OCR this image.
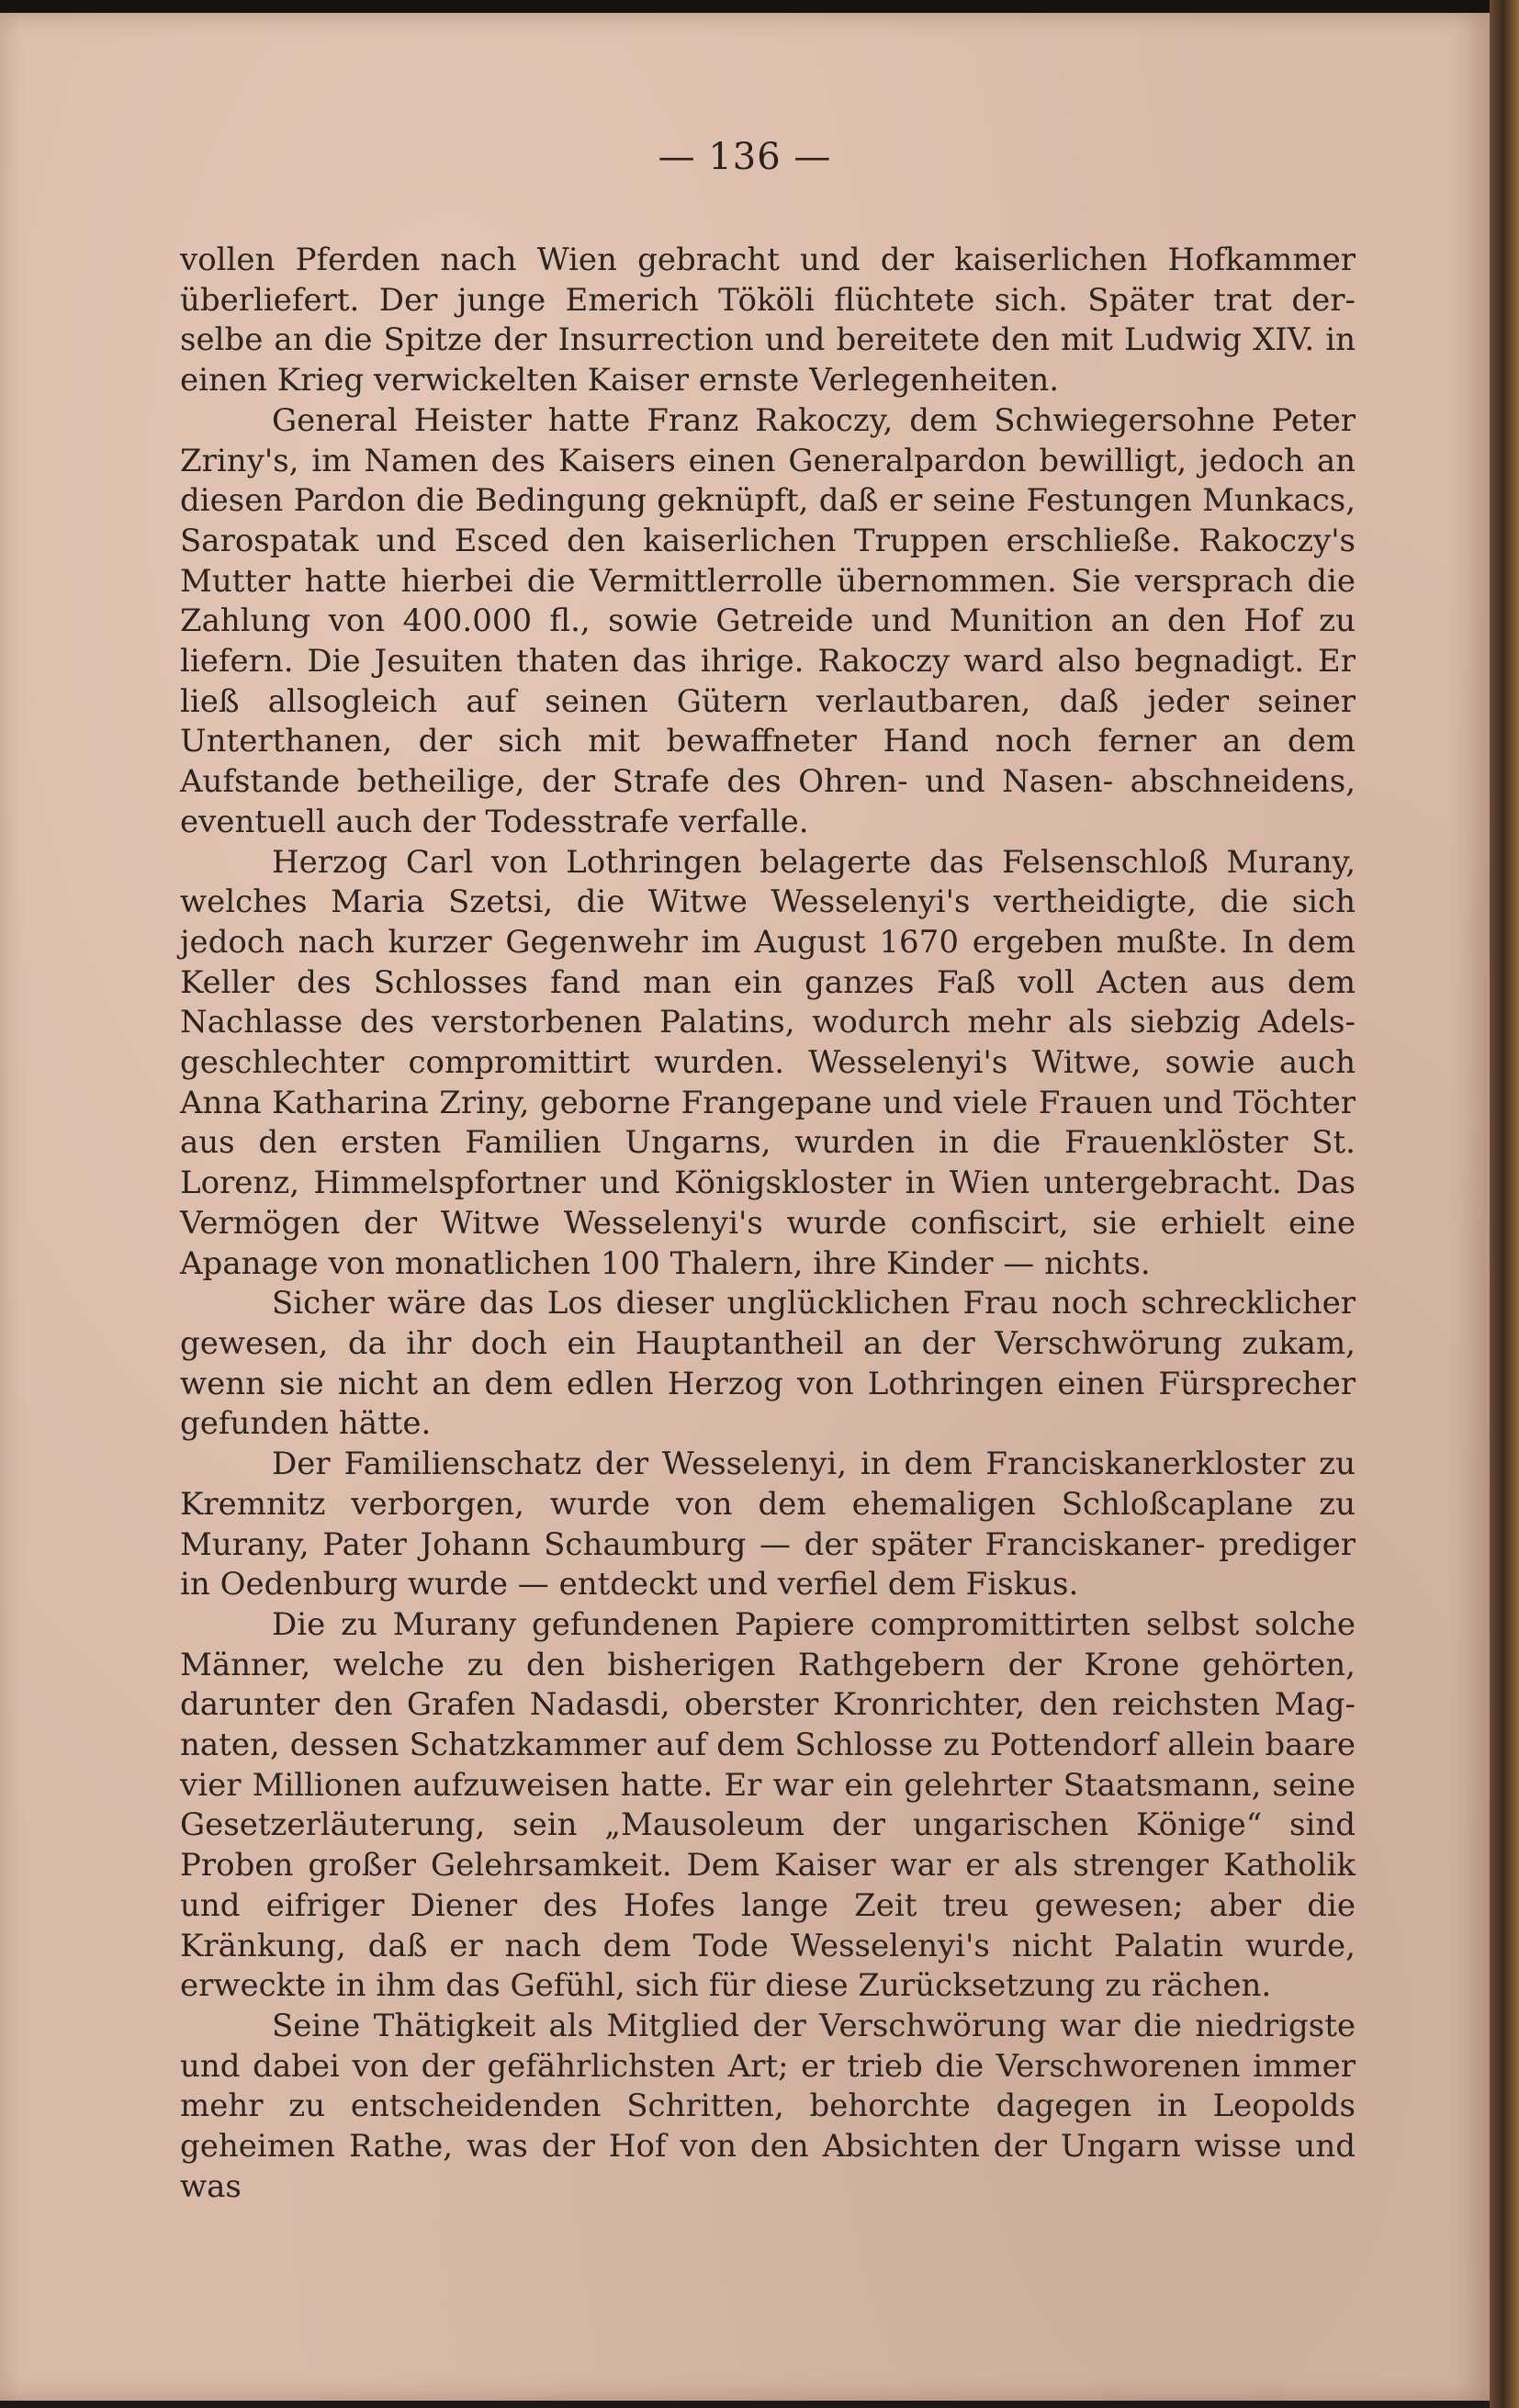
— 136 —

vollen Pferden nach Wien gebracht und der kaiserlichen Hofkammer überliefert. Der junge Emerich Tököli flüchtete sich. Später trat der- selbe an die Spitze der Insurrection und bereitete den mit Ludwig XIV. in einen Krieg verwickelten Kaiser ernste Verlegenheiten.

General Heister hatte Franz Rakoczy, dem Schwiegersohne Peter Zriny's, im Namen des Kaisers einen Generalpardon bewilligt, jedoch an diesen Pardon die Bedingung geknüpft, daß er seine Festungen Munkacs, Sarospatak und Esced den kaiserlichen Truppen erschließe. Rakoczy's Mutter hatte hierbei die Vermittlerrolle übernommen. Sie versprach die Zahlung von 400.000 fl., sowie Getreide und Munition an den Hof zu liefern. Die Jesuiten thaten das ihrige. Rakoczy ward also begnadigt. Er ließ allsogleich auf seinen Gütern verlautbaren, daß jeder seiner Unterthanen, der sich mit bewaffneter Hand noch ferner an dem Aufstande betheilige, der Strafe des Ohren- und Nasen- abschneidens, eventuell auch der Todesstrafe verfalle.

Herzog Carl von Lothringen belagerte das Felsenschloß Murany, welches Maria Szetsi, die Witwe Wesselenyi's vertheidigte, die sich jedoch nach kurzer Gegenwehr im August 1670 ergeben mußte. In dem Keller des Schlosses fand man ein ganzes Faß voll Acten aus dem Nachlasse des verstorbenen Palatins, wodurch mehr als siebzig Adels- geschlechter compromittirt wurden. Wesselenyi's Witwe, sowie auch Anna Katharina Zriny, geborne Frangepane und viele Frauen und Töchter aus den ersten Familien Ungarns, wurden in die Frauenklöster St. Lorenz, Himmelspfortner und Königskloster in Wien untergebracht. Das Vermögen der Witwe Wesselenyi's wurde confiscirt, sie erhielt eine Apanage von monatlichen 100 Thalern, ihre Kinder — nichts.

Sicher wäre das Los dieser unglücklichen Frau noch schrecklicher gewesen, da ihr doch ein Hauptantheil an der Verschwörung zukam, wenn sie nicht an dem edlen Herzog von Lothringen einen Fürsprecher gefunden hätte.

Der Familienschatz der Wesselenyi, in dem Franciskanerkloster zu Kremnitz verborgen, wurde von dem ehemaligen Schloßcaplane zu Murany, Pater Johann Schaumburg — der später Franciskaner- prediger in Oedenburg wurde — entdeckt und verfiel dem Fiskus.

Die zu Murany gefundenen Papiere compromittirten selbst solche Männer, welche zu den bisherigen Rathgebern der Krone gehörten, darunter den Grafen Nadasdi, oberster Kronrichter, den reichsten Mag- naten, dessen Schatzkammer auf dem Schlosse zu Pottendorf allein baare vier Millionen aufzuweisen hatte. Er war ein gelehrter Staatsmann, seine Gesetzerläuterung, sein „Mausoleum der ungarischen Könige“ sind Proben großer Gelehrsamkeit. Dem Kaiser war er als strenger Katholik und eifriger Diener des Hofes lange Zeit treu gewesen; aber die Kränkung, daß er nach dem Tode Wesselenyi's nicht Palatin wurde, erweckte in ihm das Gefühl, sich für diese Zurücksetzung zu rächen.

Seine Thätigkeit als Mitglied der Verschwörung war die niedrigste und dabei von der gefährlichsten Art; er trieb die Verschworenen immer mehr zu entscheidenden Schritten, behorchte dagegen in Leopolds geheimen Rathe, was der Hof von den Absichten der Ungarn wisse und was
